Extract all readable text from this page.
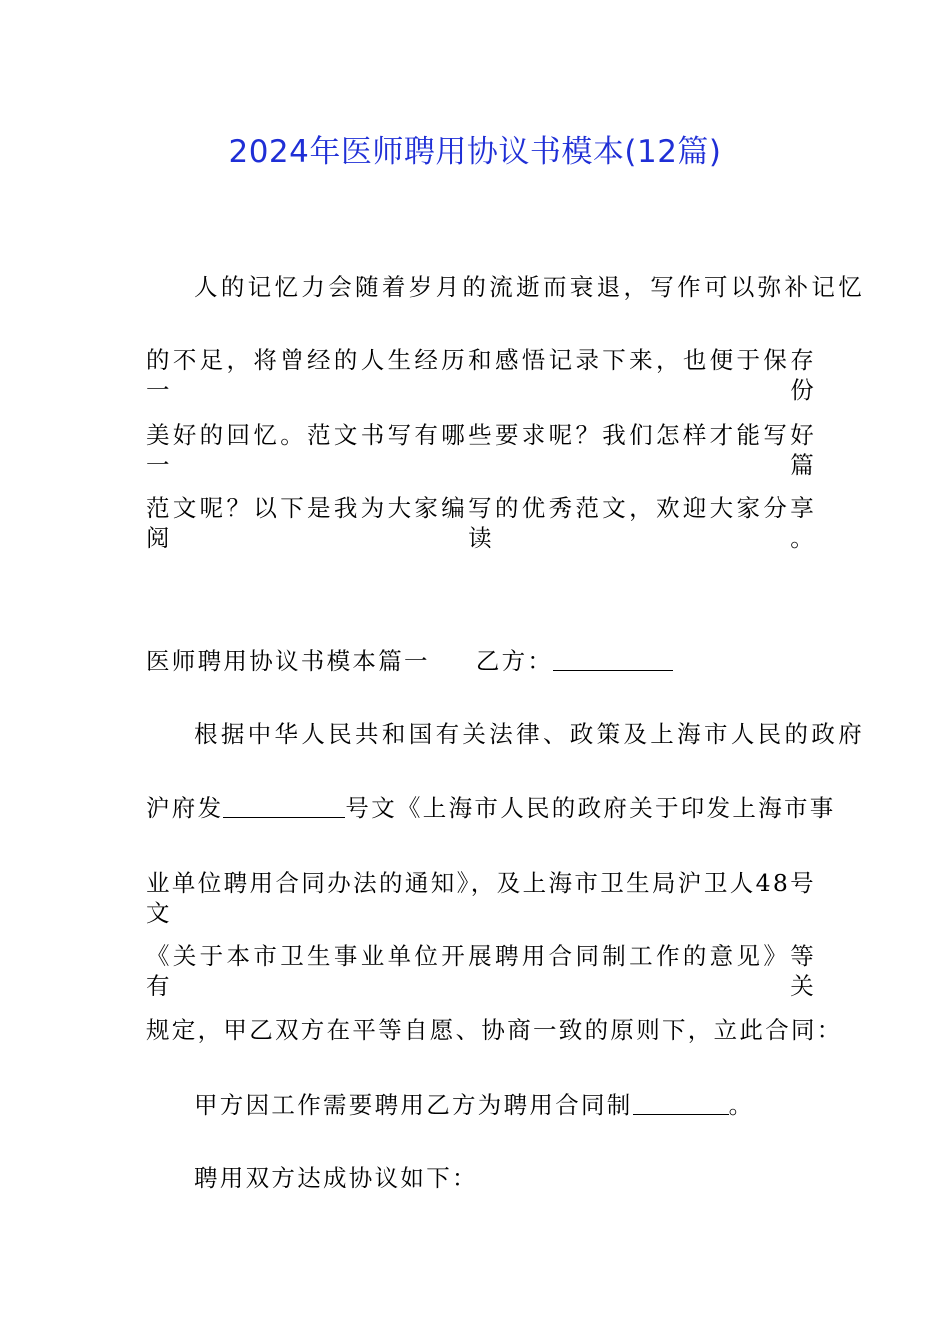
2024年医师聘用协议书模本(12篇)
人的记忆力会随着岁月的流逝而衰退，写作可以弥补记忆
的不足，将曾经的人生经历和感悟记录下来，也便于保存一份
美好的回忆。范文书写有哪些要求呢？我们怎样才能写好一篇
范文呢？以下是我为大家编写的优秀范文，欢迎大家分享阅读。
医师聘用协议书模本篇一 乙方：
根据中华人民共和国有关法律、政策及上海市人民的政府
沪府发	号文《上海市人民的政府关于印发上海市事
业单位聘用合同办法的通知》，及上海市卫生局沪卫人48号文
《关于本市卫生事业单位开展聘用合同制工作的意见》等有关
规定，甲乙双方在平等自愿、协商一致的原则下，立此合同：
甲方因工作需要聘用乙方为聘用合同制	。
聘用双方达成协议如下：
